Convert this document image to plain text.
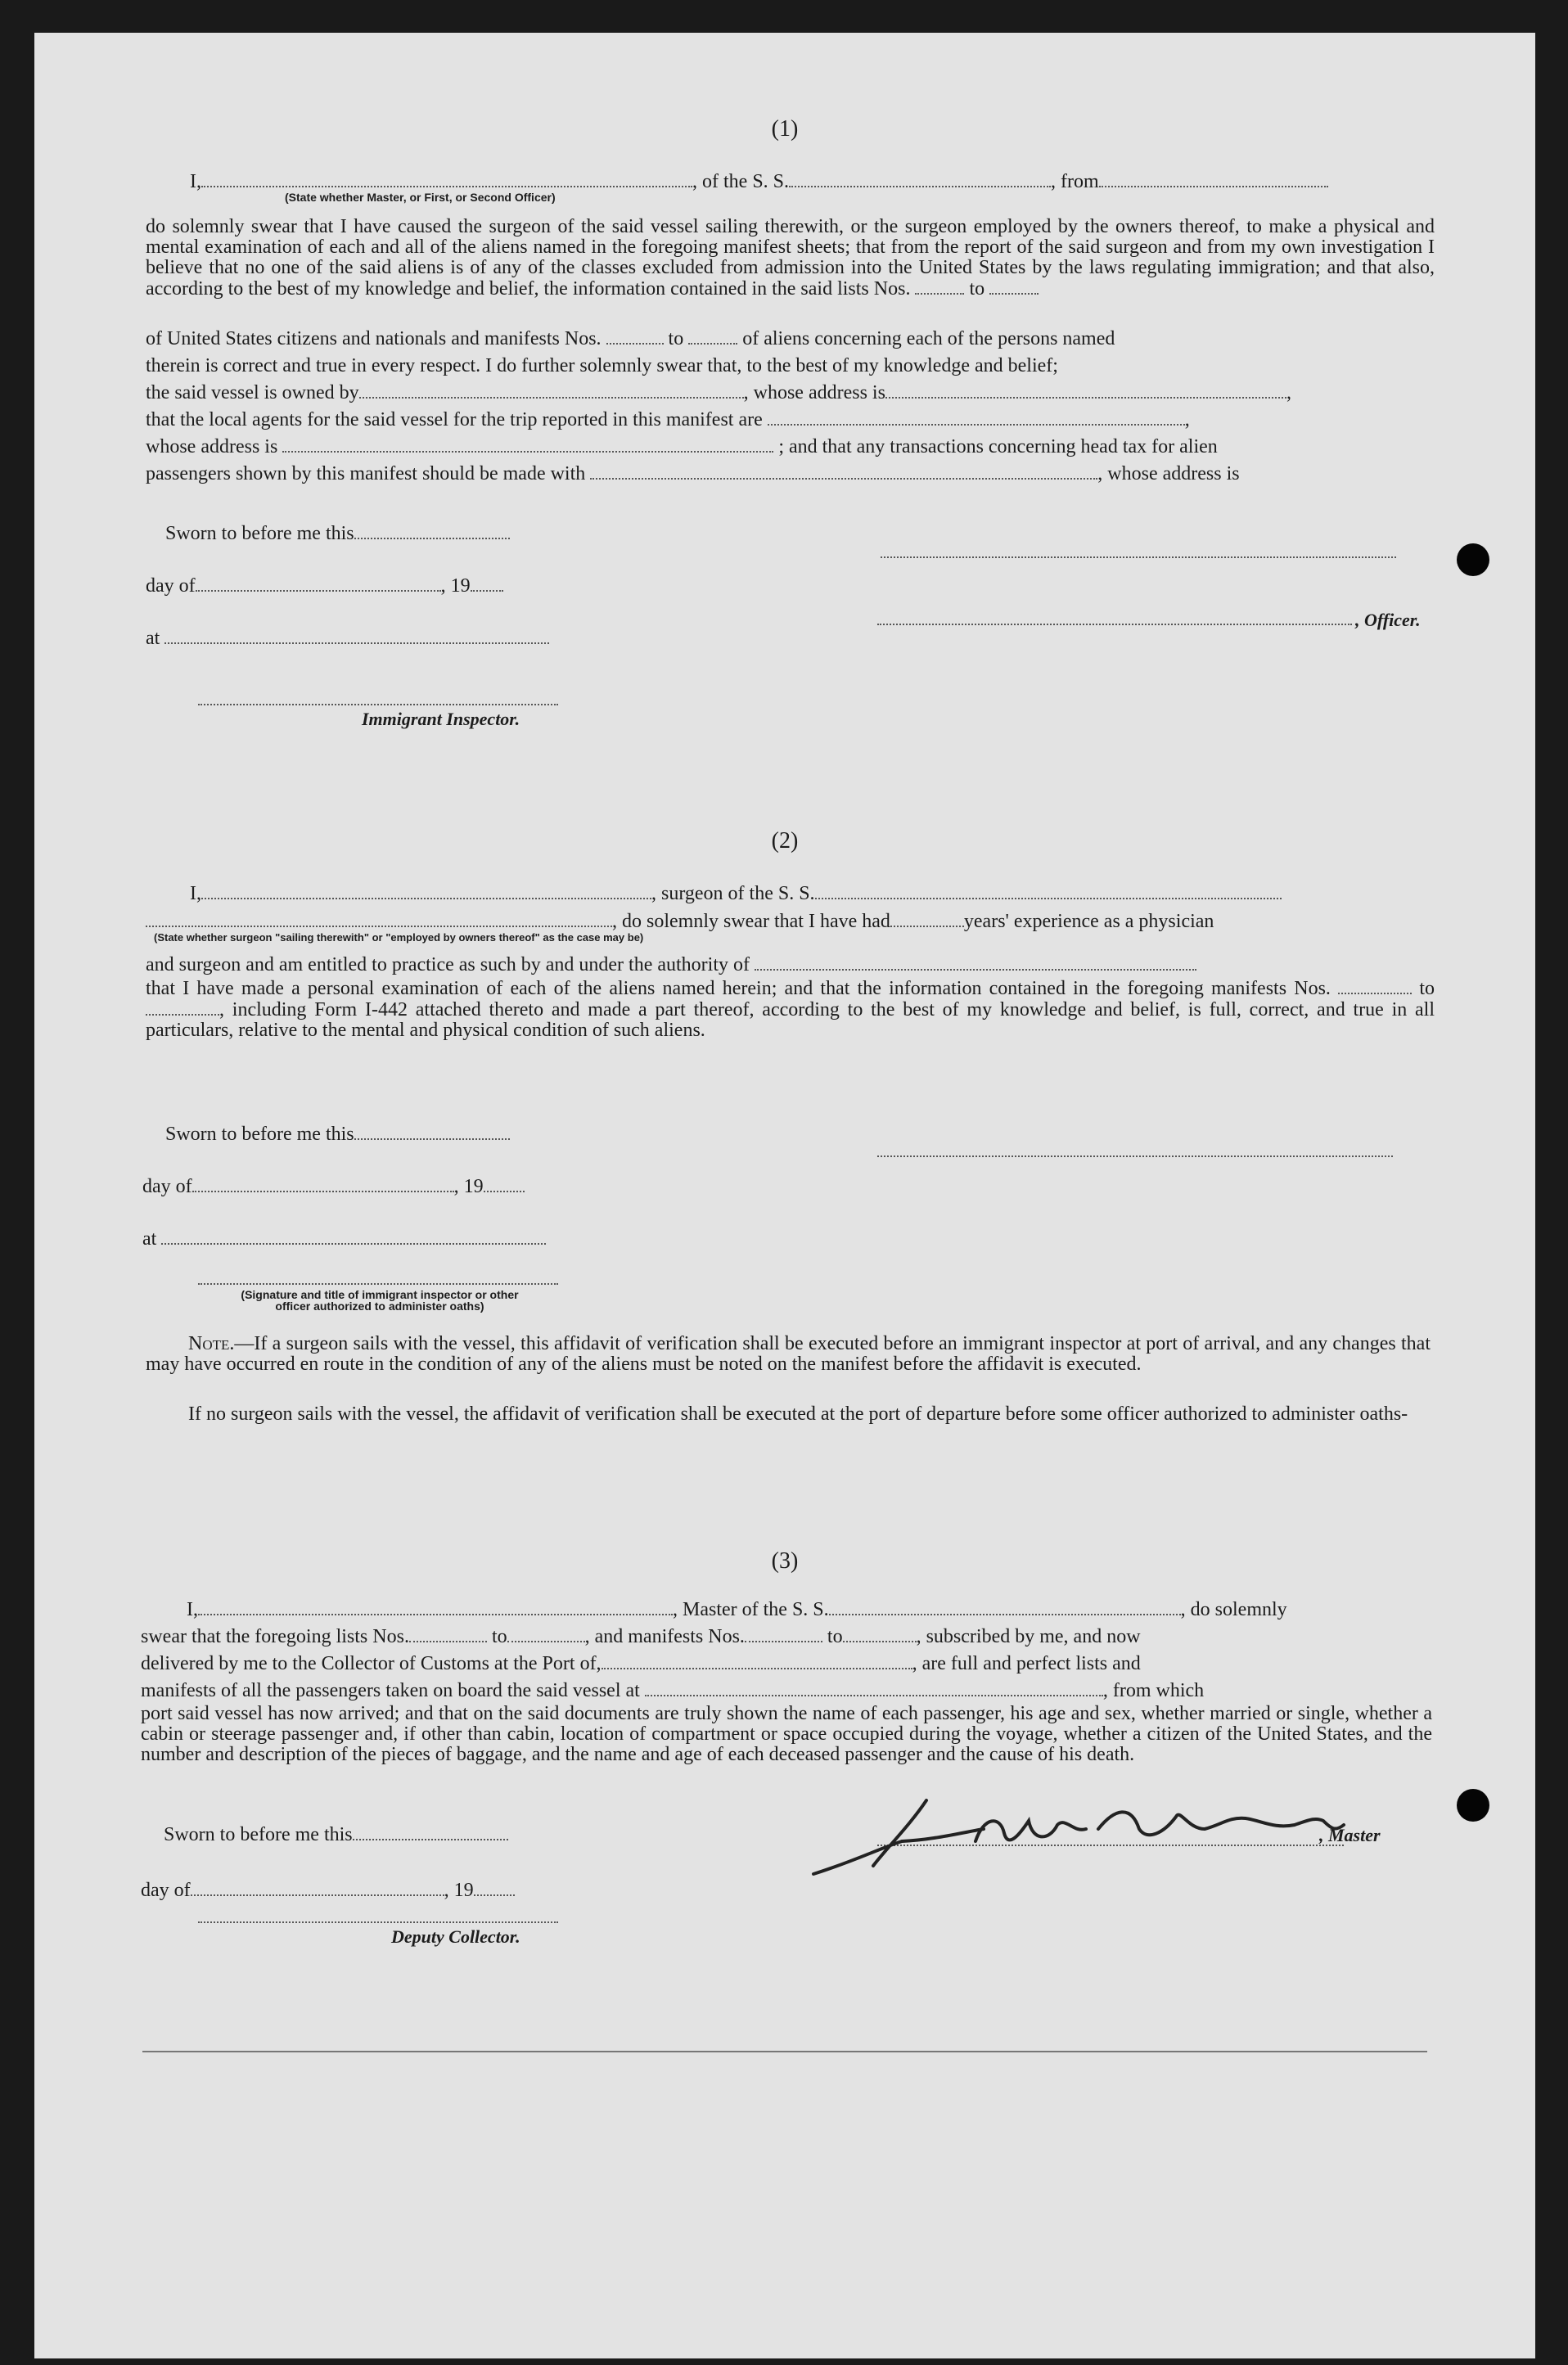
(1)
I,	, of the S. S.	, from
(State whether Master, or First, or Second Officer)
do solemnly swear that I have caused the surgeon of the said vessel sailing therewith, or the surgeon employed by the owners thereof, to make a physical and mental examination of each and all of the aliens named in the foregoing manifest sheets; that from the report of the said surgeon and from my own investigation I believe that no one of the said aliens is of any of the classes excluded from admission into the United States by the laws regulating immigration; and that also, according to the best of my knowledge and belief, the information contained in the said lists Nos.	to
of United States citizens and nationals and manifests Nos.	to	of aliens concerning each of the persons named
therein is correct and true in every respect. I do further solemnly swear that, to the best of my knowledge and belief;
the said vessel is owned by	, whose address is	,
that the local agents for the said vessel for the trip reported in this manifest are	,
whose address is	; and that any transactions concerning head tax for alien
passengers shown by this manifest should be made with	, whose address is
Sworn to before me this
day of	, 19
at
, Officer.
Immigrant Inspector.
(2)
I,	, surgeon of the S. S.
, do solemnly swear that I have had	years' experience as a physician
(State whether surgeon "sailing therewith" or "employed by owners thereof" as the case may be)
and surgeon and am entitled to practice as such by and under the authority of
that I have made a personal examination of each of the aliens named herein; and that the information contained in the foregoing manifests Nos.	to , including Form I-442 attached thereto and made a part thereof, according to the best of my knowledge and belief, is full, correct, and true in all particulars, relative to the mental and physical condition of such aliens.
Sworn to before me this
day of	, 19
at
(Signature and title of immigrant inspector or other officer authorized to administer oaths)
Note.—If a surgeon sails with the vessel, this affidavit of verification shall be executed before an immigrant inspector at port of arrival, and any changes that may have occurred en route in the condition of any of the aliens must be noted on the manifest before the affidavit is executed.
If no surgeon sails with the vessel, the affidavit of verification shall be executed at the port of departure before some officer authorized to administer oaths-
(3)
I,	, Master of the S. S.	, do solemnly
swear that the foregoing lists Nos.	to	, and manifests Nos.	to	, subscribed by me, and now
delivered by me to the Collector of Customs at the Port of,	, are full and perfect lists and
manifests of all the passengers taken on board the said vessel at	, from which
port said vessel has now arrived; and that on the said documents are truly shown the name of each passenger, his age and sex, whether married or single, whether a cabin or steerage passenger and, if other than cabin, location of compartment or space occupied during the voyage, whether a citizen of the United States, and the number and description of the pieces of baggage, and the name and age of each deceased passenger and the cause of his death.
Sworn to before me this
day of	, 19
, Master
Deputy Collector.
